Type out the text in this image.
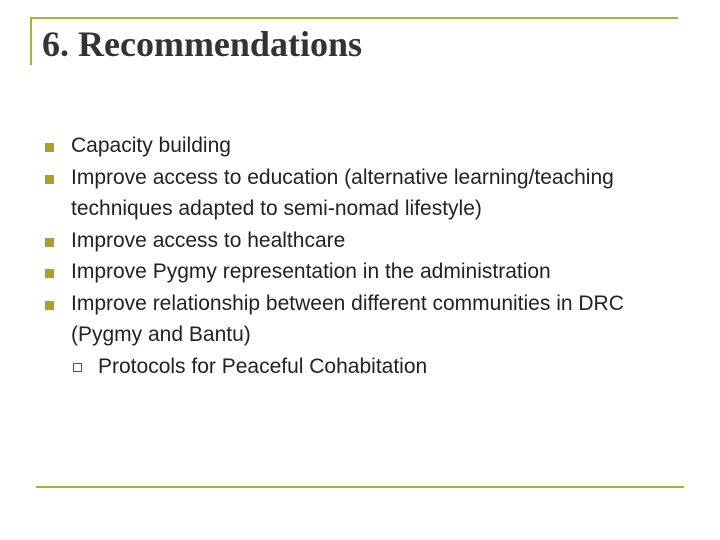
6. Recommendations
Capacity building
Improve access to education (alternative learning/teaching techniques adapted to semi-nomad lifestyle)
Improve access to healthcare
Improve Pygmy representation in the administration
Improve relationship between different communities in DRC (Pygmy and Bantu)
Protocols for Peaceful Cohabitation
